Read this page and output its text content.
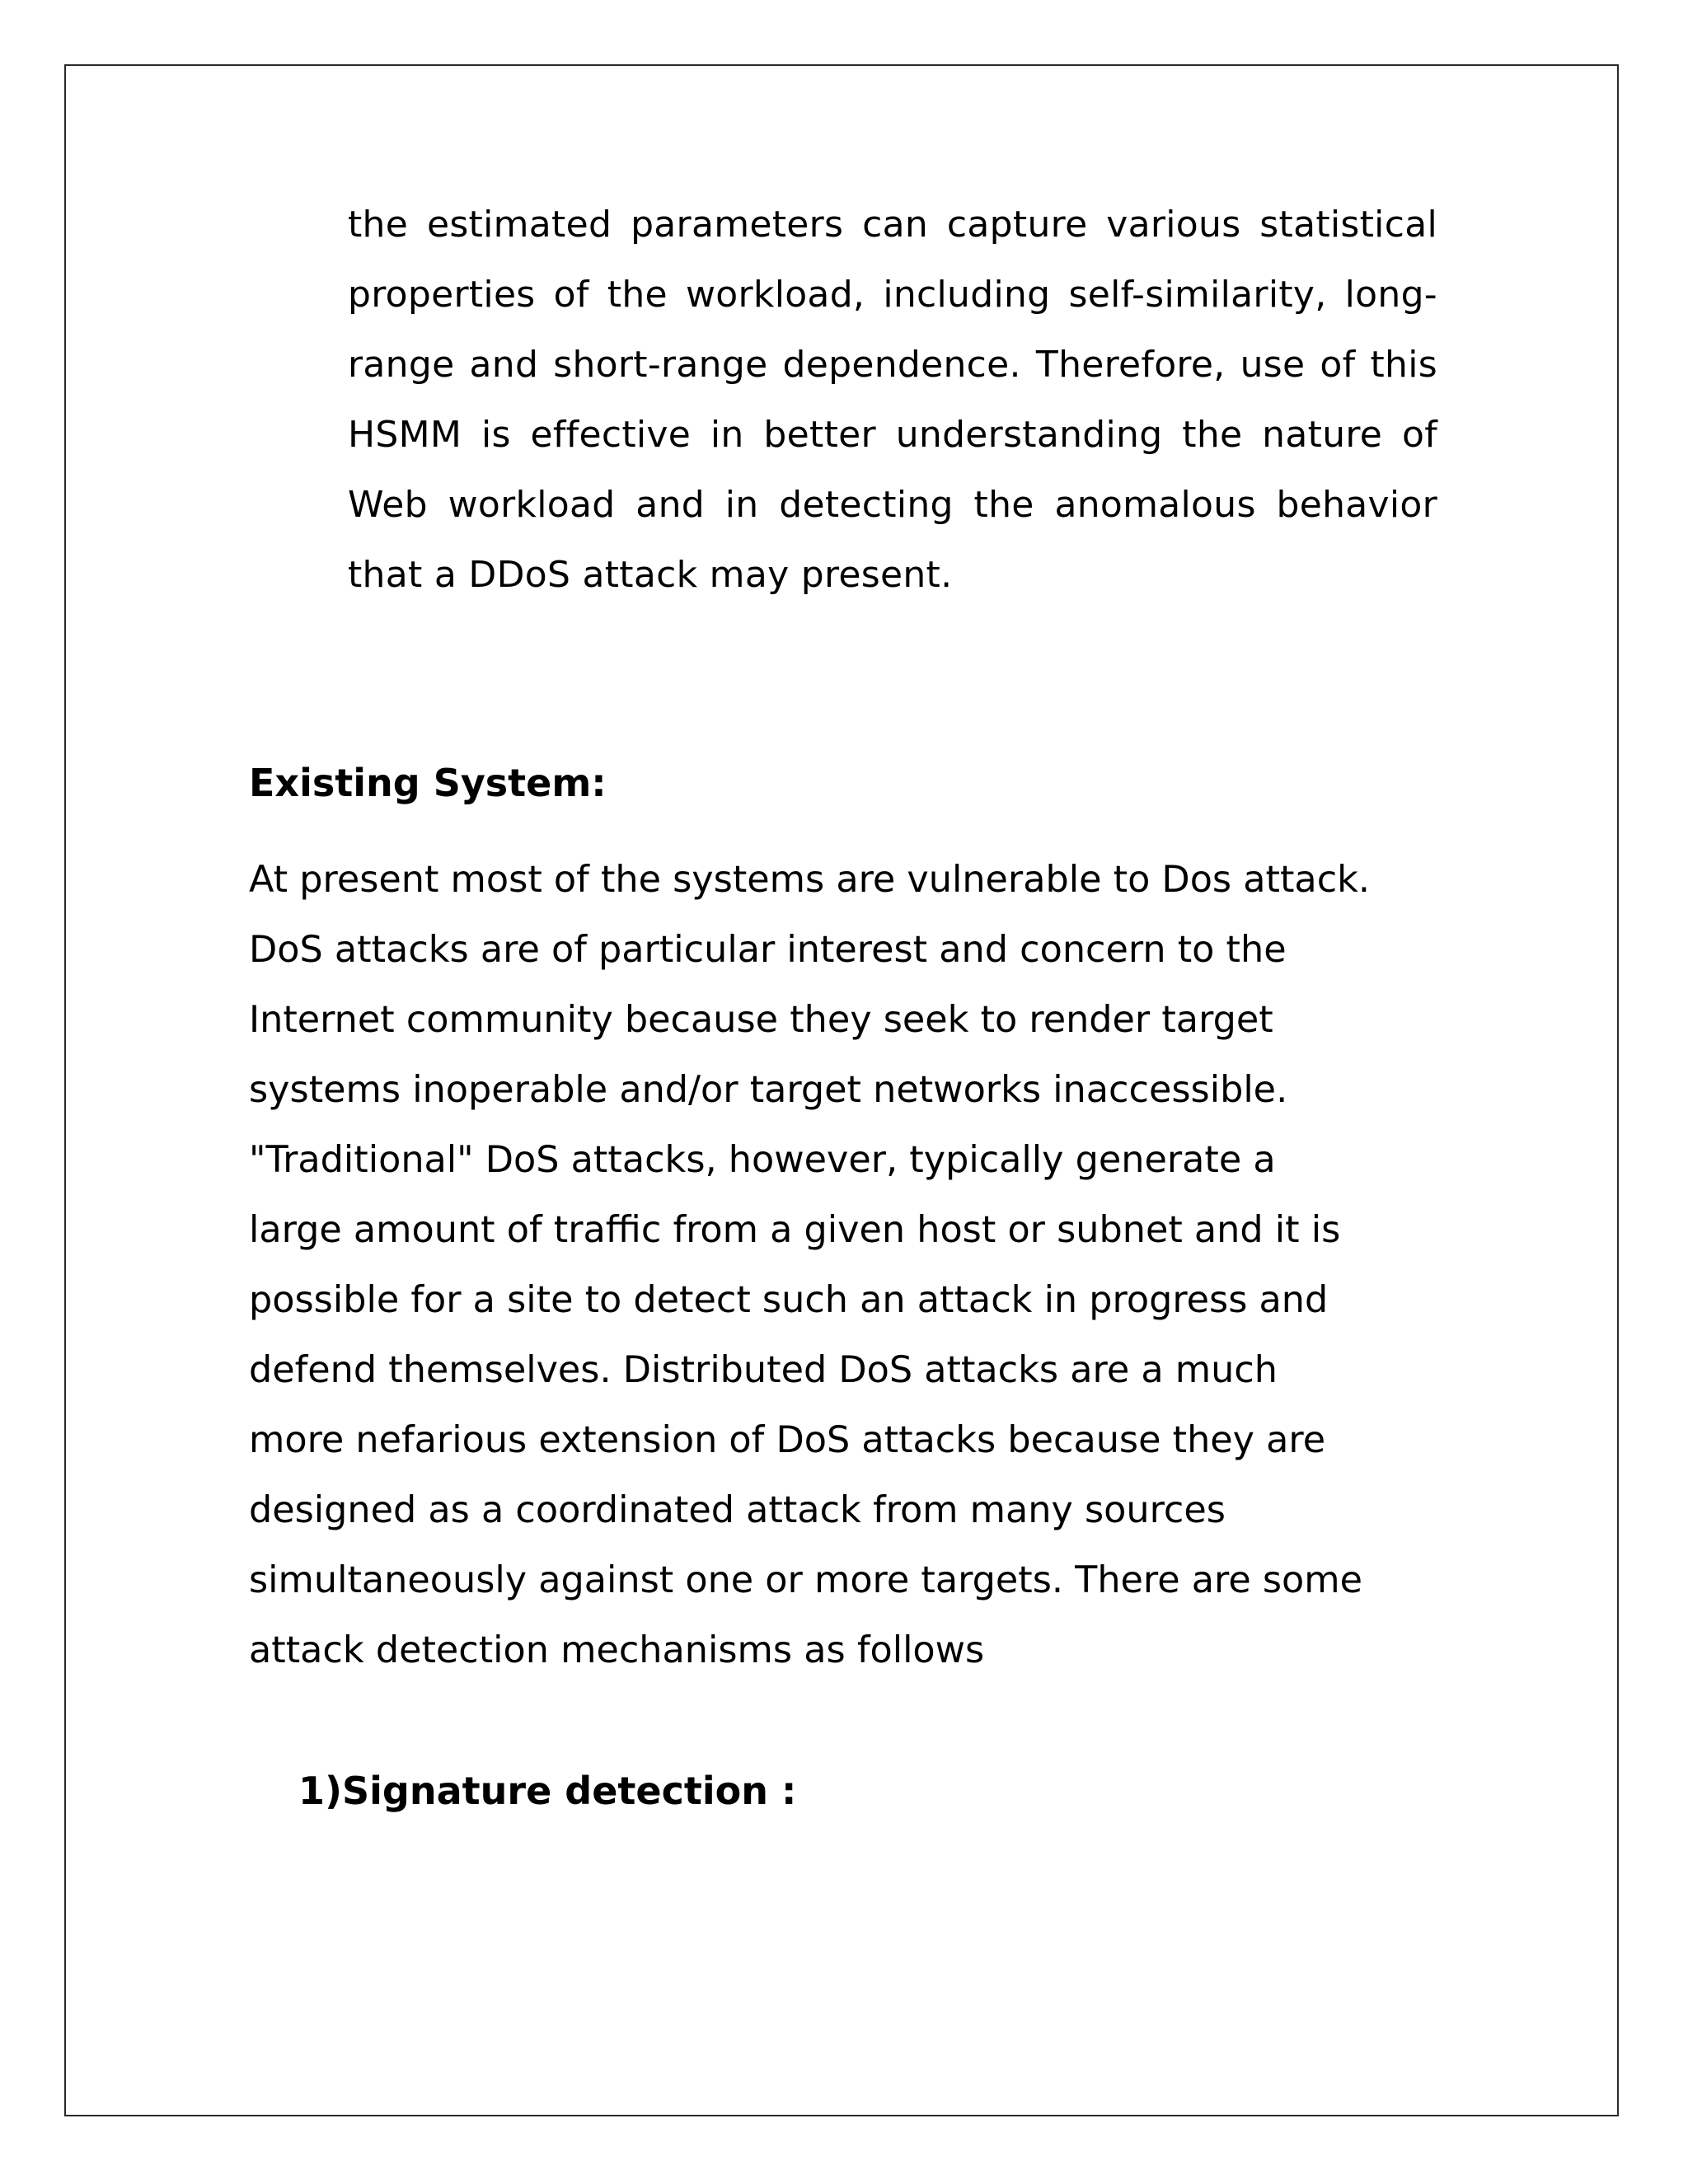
the estimated parameters can capture various statistical properties of the workload, including self-similarity, long-range and short-range dependence. Therefore, use of this HSMM is effective in better understanding the nature of Web workload and in detecting the anomalous behavior that a DDoS attack may present.

Existing System:

At present most of the systems are vulnerable to Dos attack.
DoS attacks are of particular interest and concern to the
Internet community because they seek to render target
systems inoperable and/or target networks inaccessible.
"Traditional" DoS attacks, however, typically generate a
large amount of traffic from a given host or subnet and it is
possible for a site to detect such an attack in progress and
defend themselves. Distributed DoS attacks are a much
more nefarious extension of DoS attacks because they are
designed as a coordinated attack from many sources
simultaneously against one or more targets. There are some
attack detection mechanisms as follows

1) Signature detection :
